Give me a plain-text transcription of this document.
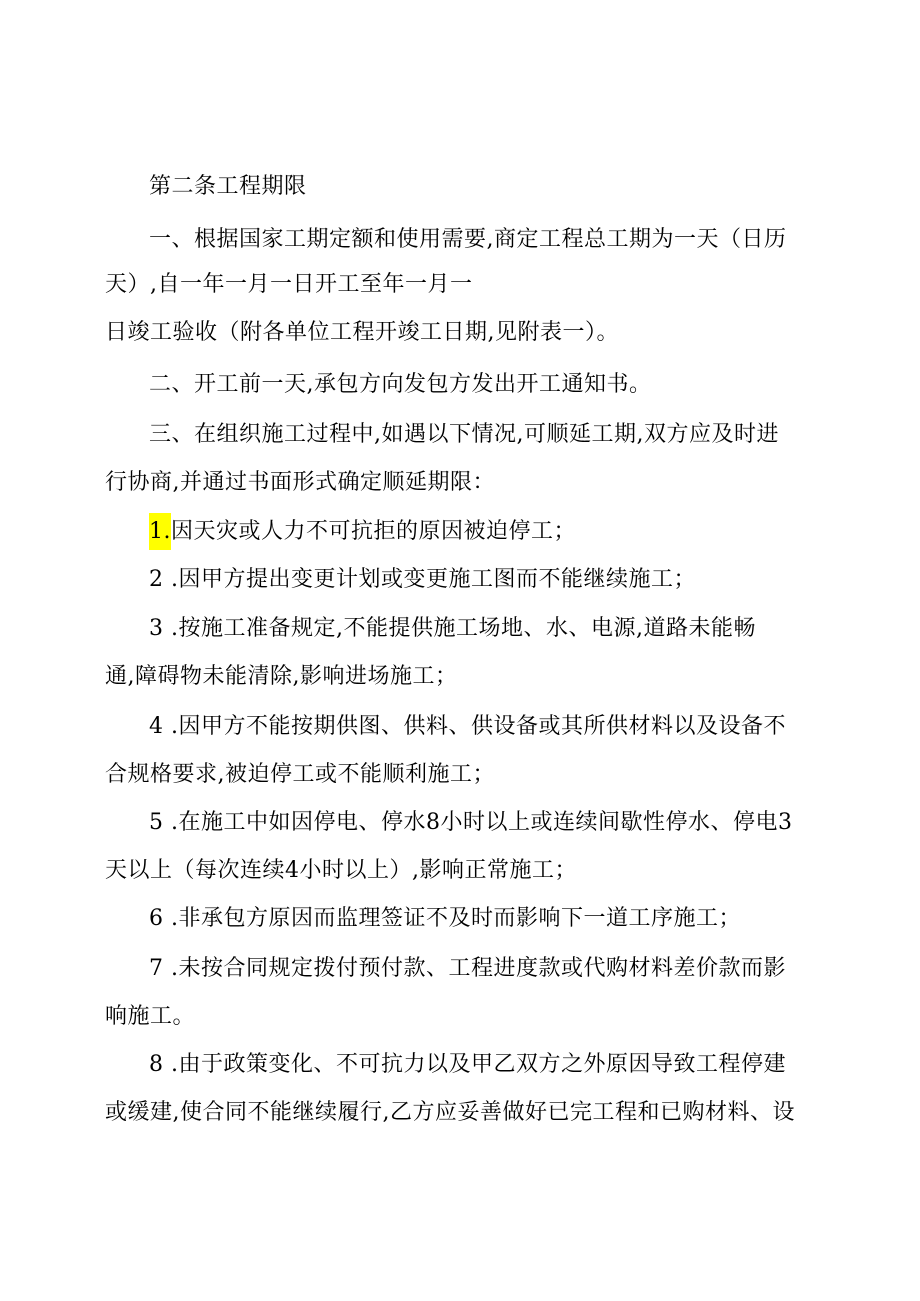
第二条工程期限
一、根据国家工期定额和使用需要,商定工程总工期为一天（日历
天）,自一年一月一日开工至年一月一
日竣工验收（附各单位工程开竣工日期,见附表一）。
二、开工前一天,承包方向发包方发出开工通知书。
三、在组织施工过程中,如遇以下情况,可顺延工期,双方应及时进
行协商,并通过书面形式确定顺延期限：
1.因天灾或人力不可抗拒的原因被迫停工；
2 .因甲方提出变更计划或变更施工图而不能继续施工；
3 .按施工准备规定,不能提供施工场地、水、电源,道路未能畅
通,障碍物未能清除,影响进场施工；
4 .因甲方不能按期供图、供料、供设备或其所供材料以及设备不
合规格要求,被迫停工或不能顺利施工；
5 .在施工中如因停电、停水8小时以上或连续间歇性停水、停电3
天以上（每次连续4小时以上）,影响正常施工；
6 .非承包方原因而监理签证不及时而影响下一道工序施工；
7 .未按合同规定拨付预付款、工程进度款或代购材料差价款而影
响施工。
8 .由于政策变化、不可抗力以及甲乙双方之外原因导致工程停建
或缓建,使合同不能继续履行,乙方应妥善做好已完工程和已购材料、设
